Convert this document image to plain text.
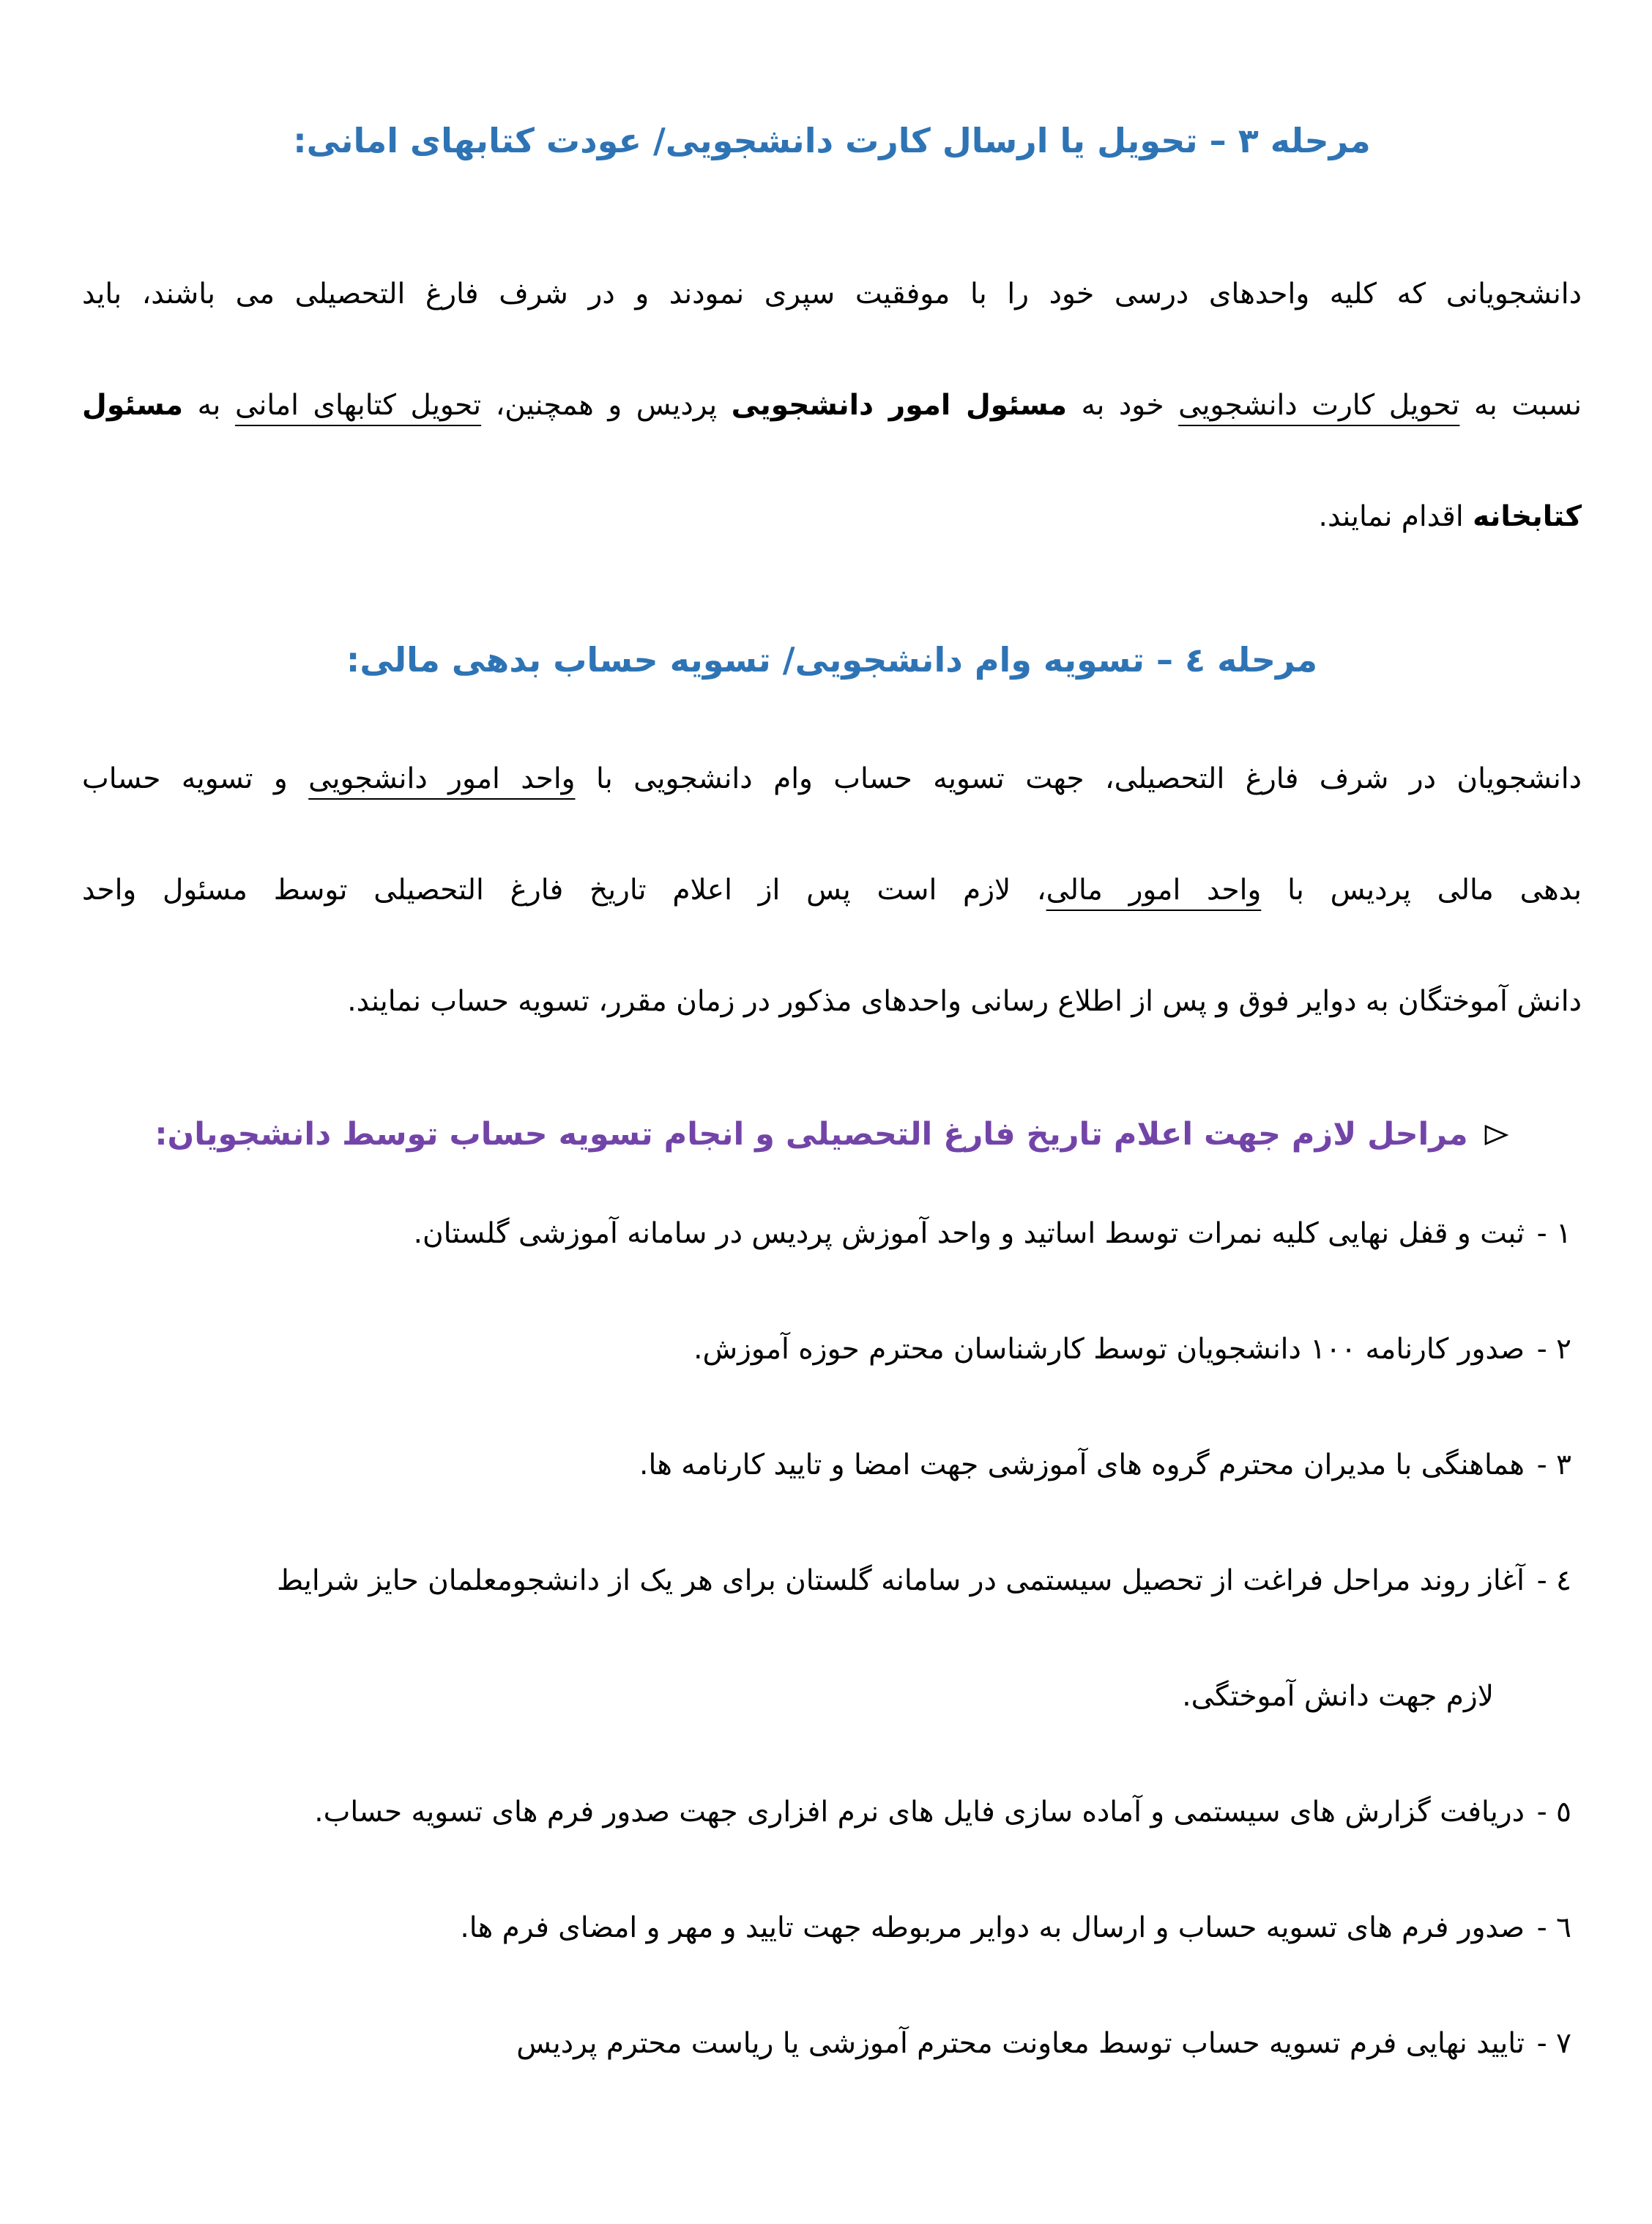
مرحله ۳ – تحویل یا ارسال کارت دانشجویی/ عودت کتابهای امانی:
دانشجویانی که کلیه واحدهای درسی خود را با موفقیت سپری نمودند و در شرف فارغ التحصیلی می باشند، باید
نسبت به تحویل کارت دانشجویی خود به مسئول امور دانشجویی پردیس و همچنین، تحویل کتابهای امانی به مسئول
کتابخانه اقدام نمایند.
مرحله ٤ – تسویه وام دانشجویی/ تسویه حساب بدهی مالی:
دانشجویان در شرف فارغ التحصیلی، جهت تسویه حساب وام دانشجویی با واحد امور دانشجویی و تسویه حساب
بدهی مالی پردیس با واحد امور مالی، لازم است پس از اعلام تاریخ فارغ التحصیلی توسط مسئول واحد
دانش آموختگان به دوایر فوق و پس از اطلاع رسانی واحدهای مذکور در زمان مقرر، تسویه حساب نمایند.
مراحل لازم جهت اعلام تاریخ فارغ التحصیلی و انجام تسویه حساب توسط دانشجویان:
۱ -
ثبت و قفل نهایی کلیه نمرات توسط اساتید و واحد آموزش پردیس در سامانه آموزشی گلستان.
۲ -
صدور کارنامه ۱۰۰ دانشجویان توسط کارشناسان محترم حوزه آموزش.
۳ -
هماهنگی با مدیران محترم گروه های آموزشی جهت امضا و تایید کارنامه ها.
٤ -
آغاز روند مراحل فراغت از تحصیل سیستمی در سامانه گلستان برای هر یک از دانشجومعلمان حایز شرایط
لازم جهت دانش آموختگی.
٥ -
دریافت گزارش های سیستمی و آماده سازی فایل های نرم افزاری جهت صدور فرم های تسویه حساب.
٦ -
صدور فرم های تسویه حساب و ارسال به دوایر مربوطه جهت تایید و مهر و امضای فرم ها.
٧ -
تایید نهایی فرم تسویه حساب توسط معاونت محترم آموزشی یا ریاست محترم پردیس
